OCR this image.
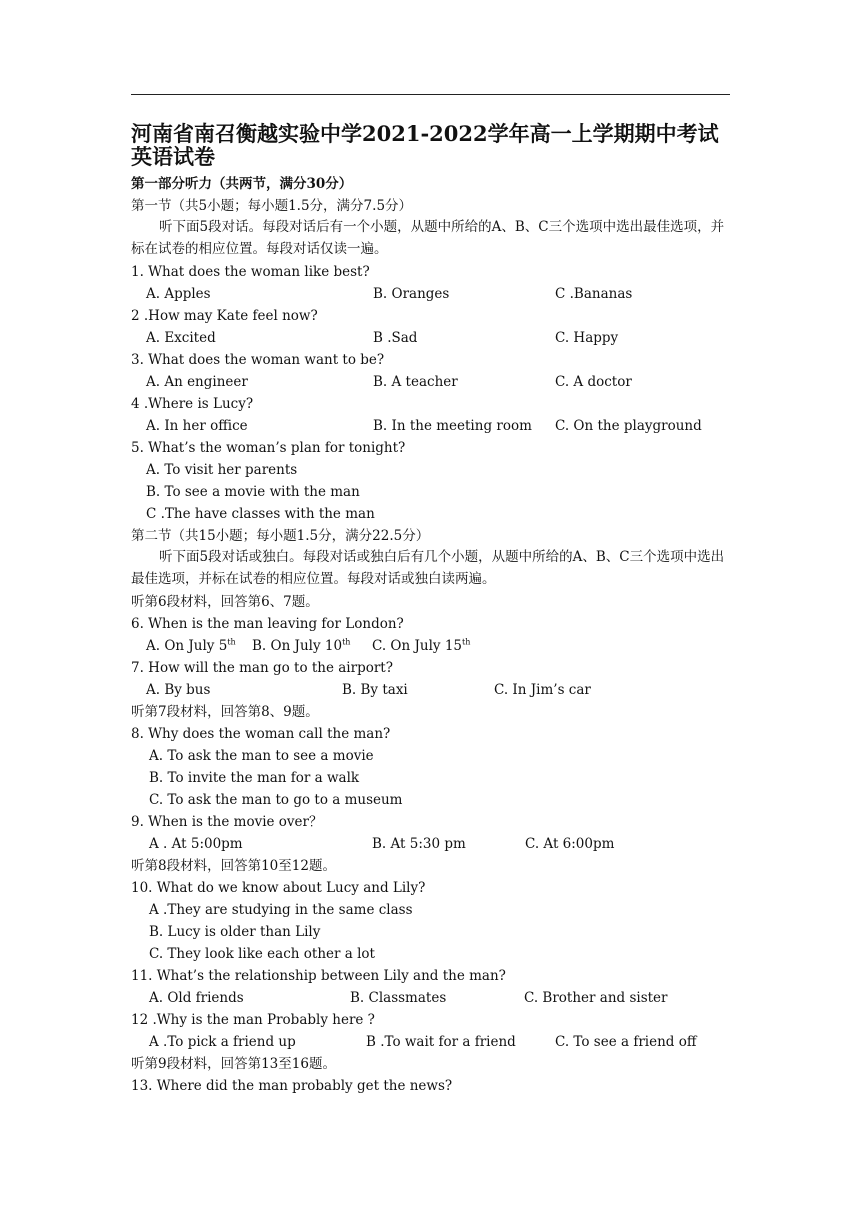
河南省南召衡越实验中学2021-2022学年高一上学期期中考试英语试卷
第一部分听力（共两节，满分30分）
第一节（共5小题；每小题1.5分，满分7.5分）

听下面5段对话。每段对话后有一个小题，从题中所给的A、B、C三个选项中选出最佳选项，并标在试卷的相应位置。每段对话仅读一遍。

1. What does the woman like best?
A. Apples	B. Oranges	C .Bananas
2 .How may Kate feel now?
A. Excited	B .Sad	C. Happy
3. What does the woman want to be?
A. An engineer	B. A teacher	C. A doctor
4 .Where is Lucy?
A. In her office	B. In the meeting room C. On the playground
5. What’s the woman’s plan for tonight?
A. To visit her parents
B. To see a movie with the man
C .The have classes with the man
第二节（共15小题；每小题1.5分，满分22.5分）

听下面5段对话或独白。每段对话或独白后有几个小题，从题中所给的A、B、C三个选项中选出最佳选项，并标在试卷的相应位置。每段对话或独白读两遍。

听第6段材料，回答第6、7题。
6. When is the man leaving for London?
A. On July 5th B. On July 10th C. On July 15th
7. How will the man go to the airport?
A. By bus	B. By taxi	C. In Jim’s car
听第7段材料，回答第8、9题。
8. Why does the woman call the man?
A. To ask the man to see a movie
B. To invite the man for a walk
C. To ask the man to go to a museum
9. When is the movie over？
A . At 5:00pm	B. At 5:30 pm	C. At 6:00pm
听第8段材料，回答第10至12题。
10. What do we know about Lucy and Lily?
A .They are studying in the same class
B. Lucy is older than Lily
C. They look like each other a lot
11. What’s the relationship between Lily and the man?
A. Old friends	B. Classmates	C. Brother and sister
12 .Why is the man Probably here ?
A .To pick a friend up	B .To wait for a friend	C. To see a friend off
听第9段材料，回答第13至16题。
13. Where did the man probably get the news?
